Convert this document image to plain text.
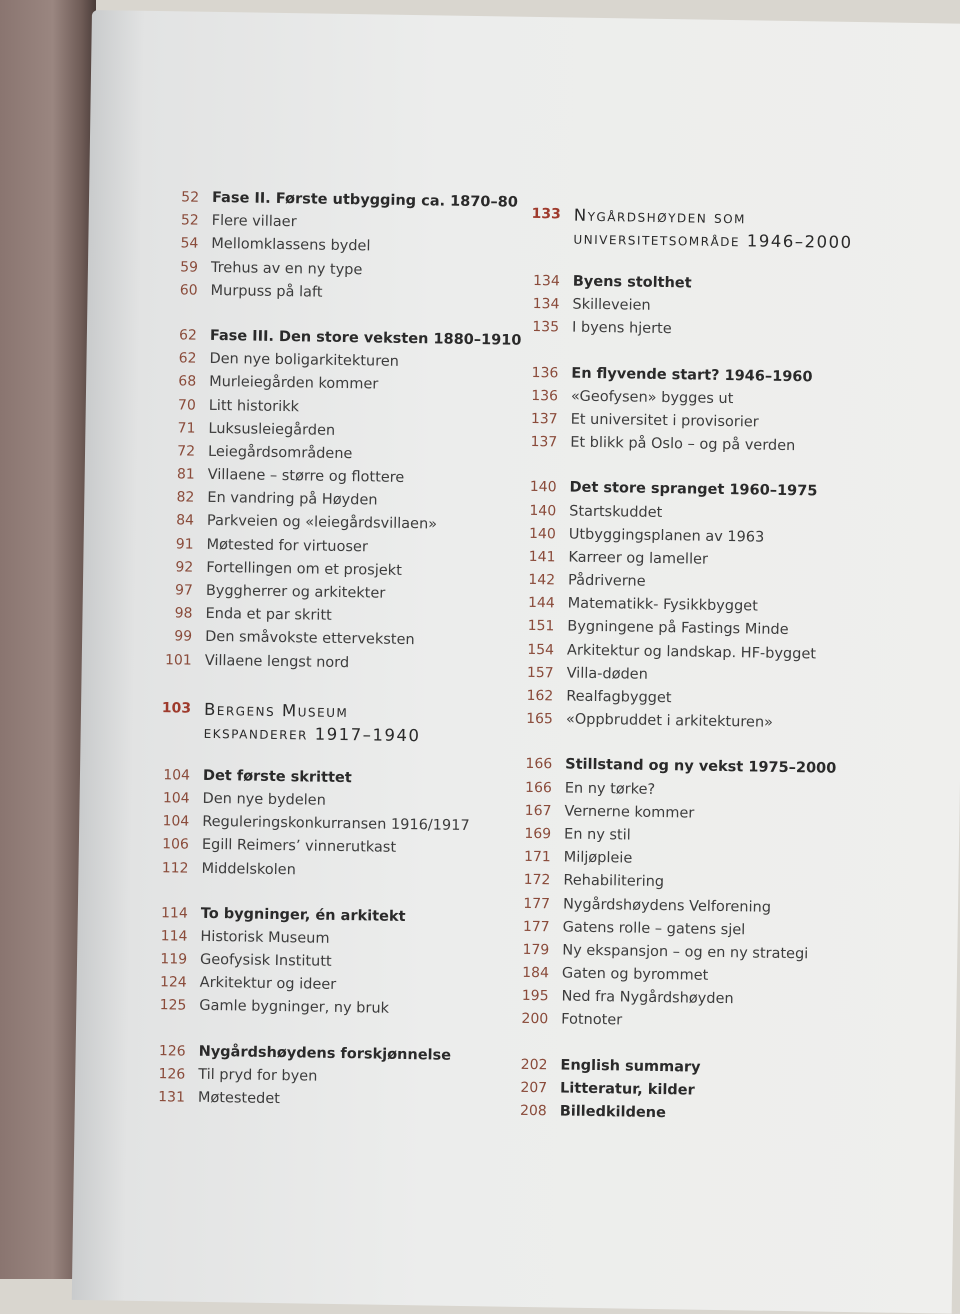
52 Fase II. Første utbygging ca. 1870–80
52 Flere villaer
54 Mellomklassens bydel
59 Trehus av en ny type
60 Murpuss på laft
62 Fase III. Den store veksten 1880–1910
62 Den nye boligarkitekturen
68 Murleiegården kommer
70 Litt historikk
71 Luksusleiegården
72 Leiegårdsområdene
81 Villaene – større og flottere
82 En vandring på Høyden
84 Parkveien og «leiegårdsvillaen»
91 Møtested for virtuoser
92 Fortellingen om et prosjekt
97 Byggherrer og arkitekter
98 Enda et par skritt
99 Den småvokste etterveksten
101 Villaene lengst nord
103 Bergens Museum
ekspanderer 1917–1940
104 Det første skrittet
104 Den nye bydelen
104 Reguleringskonkurransen 1916/1917
106 Egill Reimers’ vinnerutkast
112 Middelskolen
114 To bygninger, én arkitekt
114 Historisk Museum
119 Geofysisk Institutt
124 Arkitektur og ideer
125 Gamle bygninger, ny bruk
126 Nygårdshøydens forskjønnelse
126 Til pryd for byen
131 Møtestedet
133 Nygårdshøyden som
universitetsområde 1946–2000
134 Byens stolthet
134 Skilleveien
135 I byens hjerte
136 En flyvende start? 1946–1960
136 «Geofysen» bygges ut
137 Et universitet i provisorier
137 Et blikk på Oslo – og på verden
140 Det store spranget 1960–1975
140 Startskuddet
140 Utbyggingsplanen av 1963
141 Karreer og lameller
142 Pådriverne
144 Matematikk- Fysikkbygget
151 Bygningene på Fastings Minde
154 Arkitektur og landskap. HF-bygget
157 Villa-døden
162 Realfagbygget
165 «Oppbruddet i arkitekturen»
166 Stillstand og ny vekst 1975–2000
166 En ny tørke?
167 Vernerne kommer
169 En ny stil
171 Miljøpleie
172 Rehabilitering
177 Nygårdshøydens Velforening
177 Gatens rolle – gatens sjel
179 Ny ekspansjon – og en ny strategi
184 Gaten og byrommet
195 Ned fra Nygårdshøyden
200 Fotnoter
202 English summary
207 Litteratur, kilder
208 Billedkildene
